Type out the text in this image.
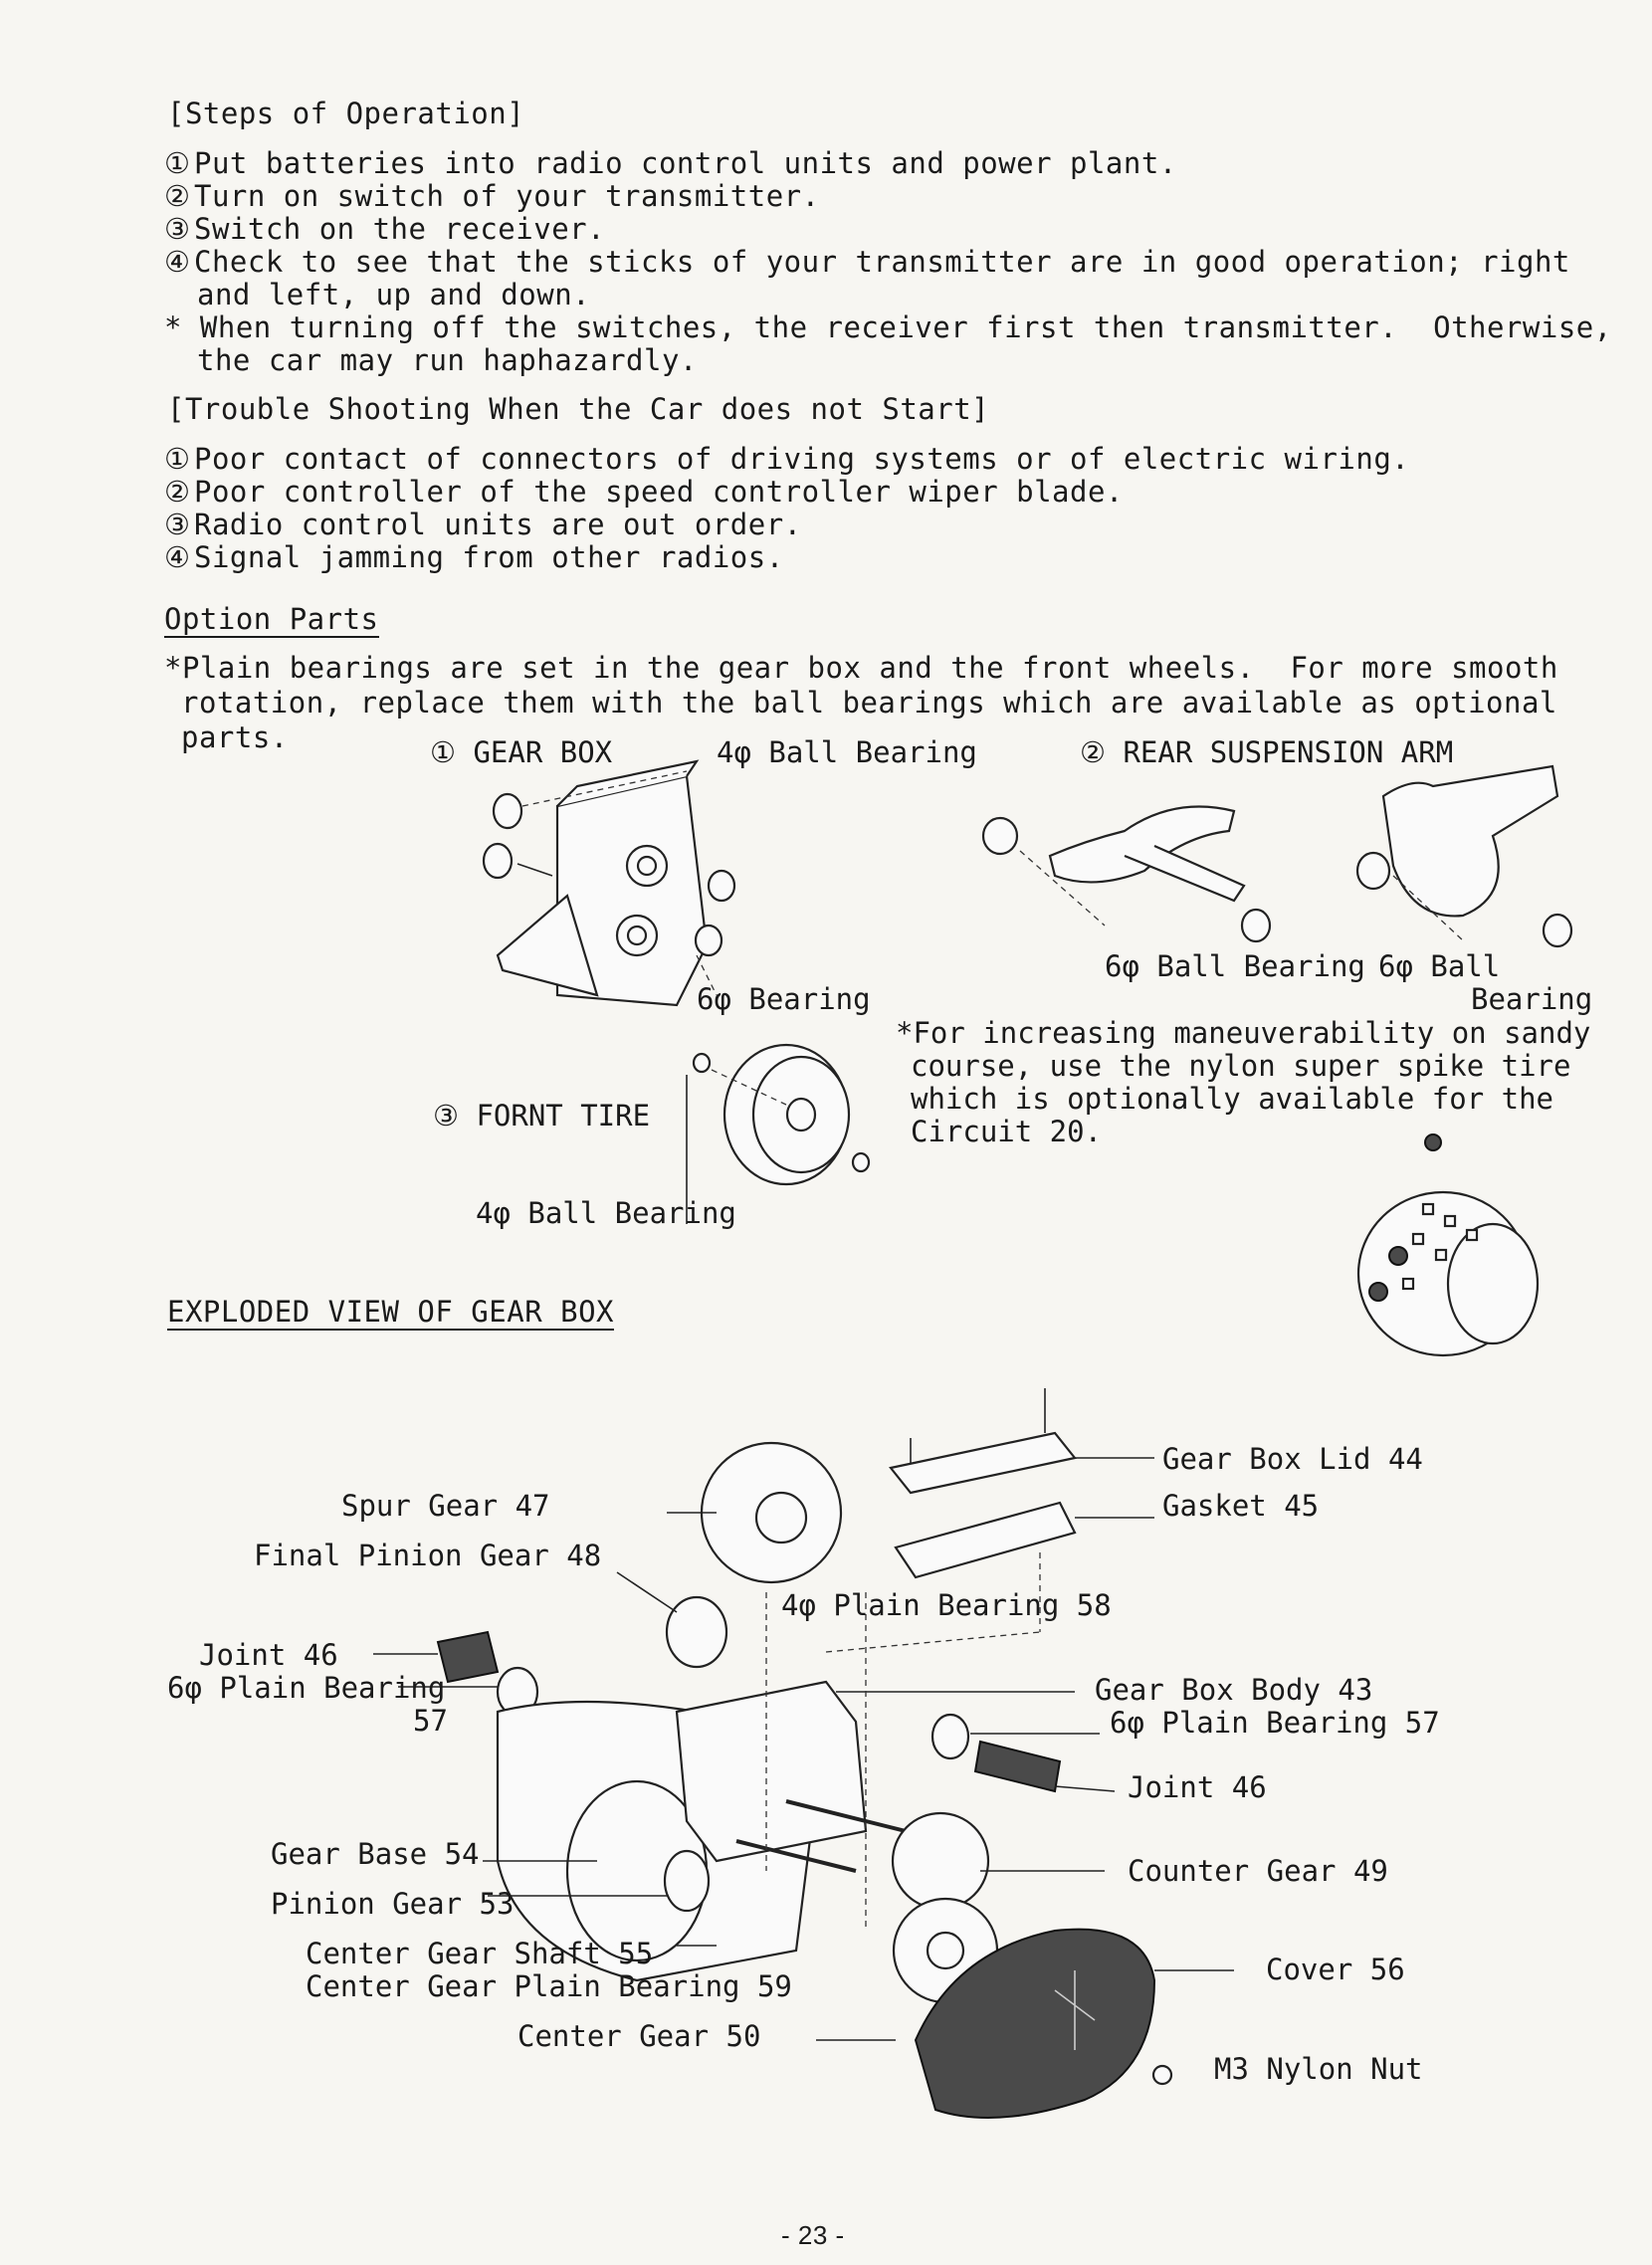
[Steps of Operation]
① Put batteries into radio control units and power plant.
② Turn on switch of your transmitter.
③ Switch on the receiver.
④ Check to see that the sticks of your transmitter are in good operation; right
and left, up and down.
* When turning off the switches, the receiver first then transmitter.  Otherwise,
the car may run haphazardly.
[Trouble Shooting When the Car does not Start]
① Poor contact of connectors of driving systems or of electric wiring.
② Poor controller of the speed controller wiper blade.
③ Radio control units are out order.
④ Signal jamming from other radios.
Option Parts
*Plain bearings are set in the gear box and the front wheels.  For more smooth
rotation, replace them with the ball bearings which are available as optional
parts.	① GEAR BOX	4φ Ball Bearing	② REAR SUSPENSION ARM
6φ Bearing
6φ Ball Bearing 6φ Ball
Bearing
*For increasing maneuverability on sandy
course, use the nylon super spike tire
which is optionally available for the
Circuit 20.
③ FORNT TIRE
4φ Ball Bearing
EXPLODED VIEW OF GEAR BOX
Spur Gear 47
Final Pinion Gear 48
Joint 46
6φ Plain Bearing
57
Gear Base 54
Pinion Gear 53
Center Gear Shaft 55
Center Gear Plain Bearing 59
Center Gear 50
Gear Box Lid 44
Gasket 45
4φ Plain Bearing 58
Gear Box Body 43
6φ Plain Bearing 57
Joint 46
Counter Gear 49
Cover 56
M3 Nylon Nut
- 23 -
